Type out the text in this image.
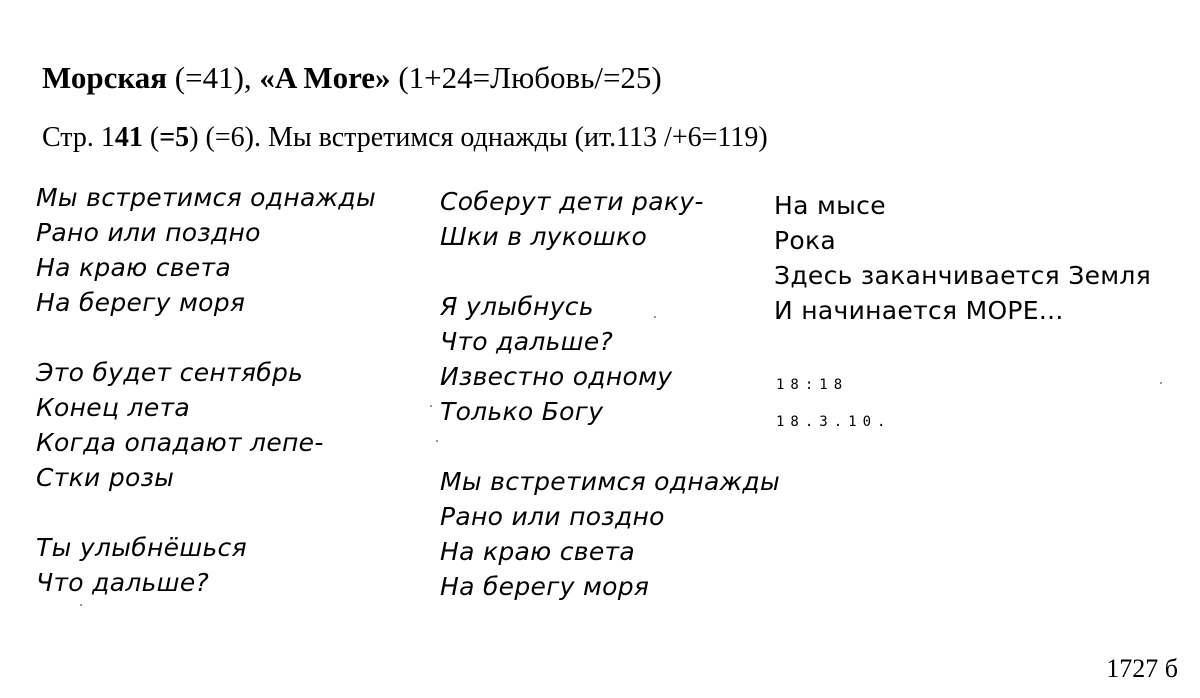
Морская (=41), «A More» (1+24=Любовь/=25)
Стр. 141 (=5) (=6). Мы встретимся однажды (ит.113 /+6=119)
Мы встретимся однажды
Рано или поздно
На краю света
На берегу моря
Это будет сентябрь
Конец лета
Когда опадают лепе-
Стки розы
Ты улыбнёшься
Что дальше?
Соберут дети раку-
Шки в лукошко
Я улыбнусь
Что дальше?
Известно одному
Только Богу
Мы встретимся однажды
Рано или поздно
На краю света
На берегу моря
На мысе
Рока
Здесь заканчивается Земля
И начинается МОРЕ...
18:18
18.3.10.
1727 б
